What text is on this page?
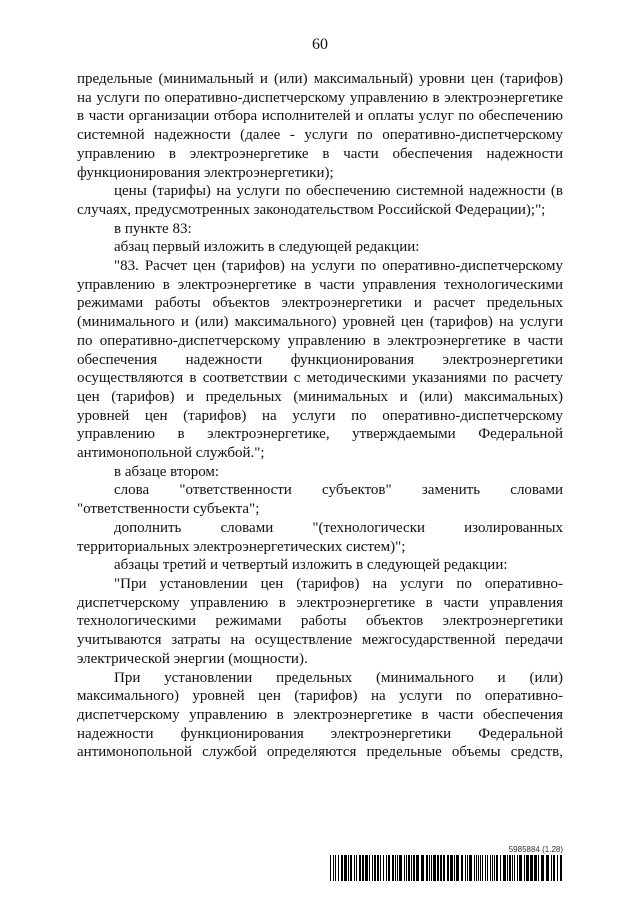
60

предельные (минимальный и (или) максимальный) уровни цен (тарифов) на услуги по оперативно-диспетчерскому управлению в электроэнергетике в части организации отбора исполнителей и оплаты услуг по обеспечению системной надежности (далее - услуги по оперативно-диспетчерскому управлению в электроэнергетике в части обеспечения надежности функционирования электроэнергетики);

цены (тарифы) на услуги по обеспечению системной надежности (в случаях, предусмотренных законодательством Российской Федерации);";

в пункте 83:

абзац первый изложить в следующей редакции:

"83. Расчет цен (тарифов) на услуги по оперативно-диспетчерскому управлению в электроэнергетике в части управления технологическими режимами работы объектов электроэнергетики и расчет предельных (минимального и (или) максимального) уровней цен (тарифов) на услуги по оперативно-диспетчерскому управлению в электроэнергетике в части обеспечения надежности функционирования электроэнергетики осуществляются в соответствии с методическими указаниями по расчету цен (тарифов) и предельных (минимальных и (или) максимальных) уровней цен (тарифов) на услуги по оперативно-диспетчерскому управлению в электроэнергетике, утверждаемыми Федеральной антимонопольной службой.";

в абзаце втором:

слова "ответственности субъектов" заменить словами "ответственности субъекта";

дополнить словами "(технологически изолированных территориальных электроэнергетических систем)";

абзацы третий и четвертый изложить в следующей редакции:

"При установлении цен (тарифов) на услуги по оперативно-диспетчерскому управлению в электроэнергетике в части управления технологическими режимами работы объектов электроэнергетики учитываются затраты на осуществление межгосударственной передачи электрической энергии (мощности).

При установлении предельных (минимального и (или) максимального) уровней цен (тарифов) на услуги по оперативно-диспетчерскому управлению в электроэнергетике в части обеспечения надежности функционирования электроэнергетики Федеральной антимонопольной службой определяются предельные объемы средств,

5985884 (1.28)
